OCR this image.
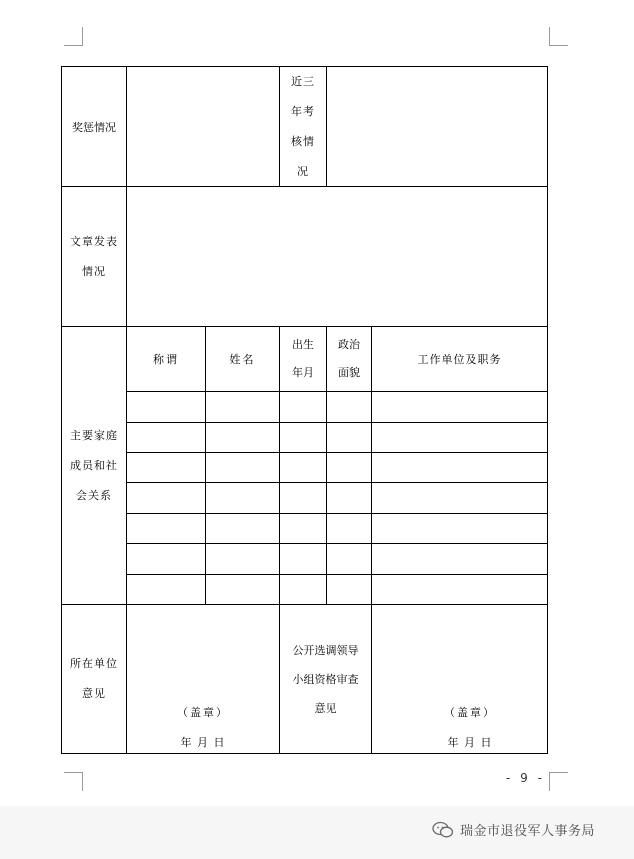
奖惩情况
近三
年考
核情
况
文章发表
情况
主要家庭
成员和社
会关系
称谓	姓名
出生
年月
政治
面貌
工作单位及职务
所在单位
意见
公开选调领导
小组资格审查
意见
（盖章）
年 月 日
（盖章）
年 月 日
- 9 -
瑞金市退役军人事务局
